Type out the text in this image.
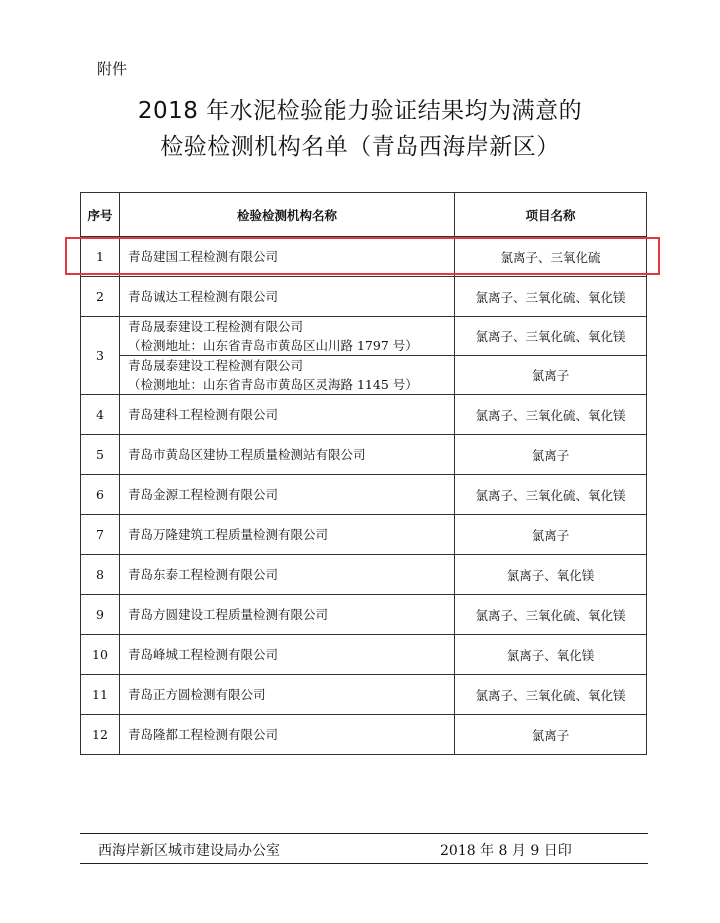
附件
2018 年水泥检验能力验证结果均为满意的
检验检测机构名单（青岛西海岸新区）
序号	检验检测机构名称	项目名称
1	青岛建国工程检测有限公司	氯离子、三氧化硫
2	青岛诚达工程检测有限公司	氯离子、三氧化硫、氧化镁
3	青岛晟泰建设工程检测有限公司
（检测地址：山东省青岛市黄岛区山川路 1797 号）	氯离子、三氧化硫、氧化镁

	青岛晟泰建设工程检测有限公司
（检测地址：山东省青岛市黄岛区灵海路 1145 号）	氯离子
4	青岛建科工程检测有限公司	氯离子、三氧化硫、氧化镁
5	青岛市黄岛区建协工程质量检测站有限公司	氯离子
6	青岛金源工程检测有限公司	氯离子、三氧化硫、氧化镁
7	青岛万隆建筑工程质量检测有限公司	氯离子
8	青岛东泰工程检测有限公司	氯离子、氧化镁
9	青岛方圆建设工程质量检测有限公司	氯离子、三氧化硫、氧化镁
10	青岛峰城工程检测有限公司	氯离子、氧化镁
11	青岛正方圆检测有限公司	氯离子、三氧化硫、氧化镁
12	青岛隆都工程检测有限公司	氯离子
西海岸新区城市建设局办公室	2018 年 8 月 9 日印
